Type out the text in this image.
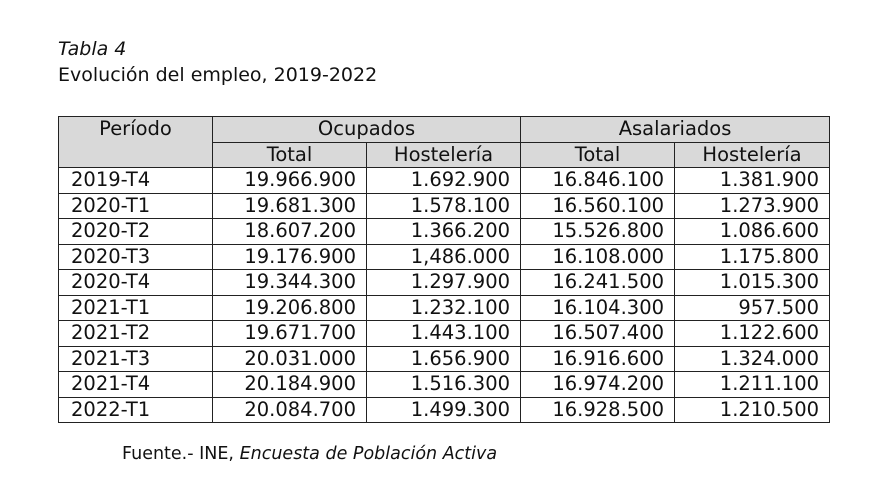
Tabla 4
Evolución del empleo, 2019-2022
Período	Ocupados		Asalariados	
	Total	Hostelería	Total	Hostelería
2019-T4	19.966.900	1.692.900	16.846.100	1.381.900
2020-T1	19.681.300	1.578.100	16.560.100	1.273.900
2020-T2	18.607.200	1.366.200	15.526.800	1.086.600
2020-T3	19.176.900	1,486.000	16.108.000	1.175.800
2020-T4	19.344.300	1.297.900	16.241.500	1.015.300
2021-T1	19.206.800	1.232.100	16.104.300	957.500
2021-T2	19.671.700	1.443.100	16.507.400	1.122.600
2021-T3	20.031.000	1.656.900	16.916.600	1.324.000
2021-T4	20.184.900	1.516.300	16.974.200	1.211.100
2022-T1	20.084.700	1.499.300	16.928.500	1.210.500
Fuente.- INE, Encuesta de Población Activa
